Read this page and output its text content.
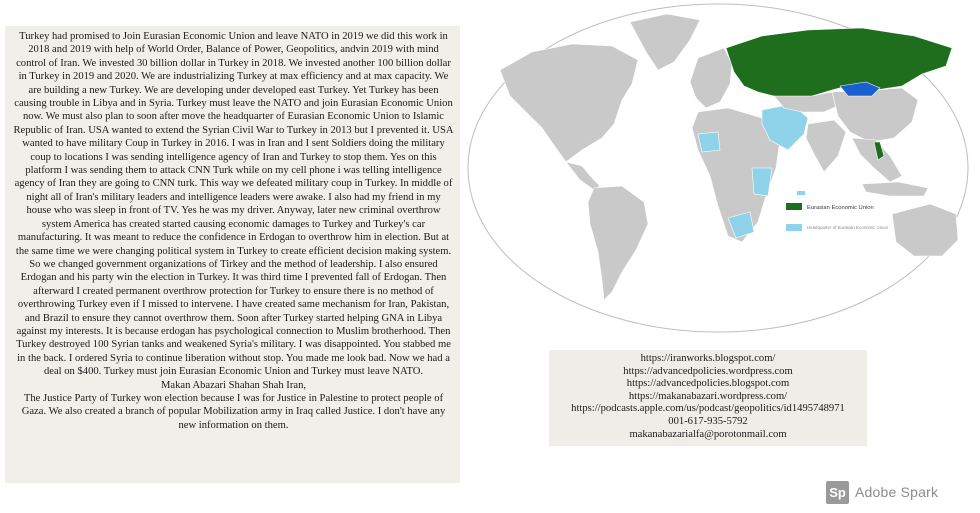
Turkey had promised to Join Eurasian Economic Union and leave NATO in 2019 we did this work in 2018 and 2019 with help of World Order, Balance of Power, Geopolitics, andvin 2019 with mind control of Iran. We invested 30 billion dollar in Turkey in 2018. We invested another 100 billion dollar in Turkey in 2019 and 2020. We are industrializing Turkey at max efficiency and at max capacity. We are building a new Turkey. We are developing under developed east Turkey. Yet Turkey has been causing trouble in Libya and in Syria. Turkey must leave the NATO and join Eurasian Economic Union now. We must also plan to soon after move the headquarter of Eurasian Economic Union to Islamic Republic of Iran. USA wanted to extend the Syrian Civil War to Turkey in 2013 but I prevented it. USA wanted to have military Coup in Turkey in 2016. I was in Iran and I sent Soldiers doing the military coup to locations I was sending intelligence agency of Iran and Turkey to stop them. Yes on this platform I was sending them to attack CNN Turk while on my cell phone i was telling intelligence agency of Iran they are going to CNN turk. This way we defeated military coup in Turkey. In middle of night all of Iran's military leaders and intelligence leaders were awake. I also had my friend in my house who was sleep in front of TV. Yes he was my driver. Anyway, later new criminal overthrow system America has created started causing economic damages to Turkey and Turkey's car manufacturing. It was meant to reduce the confidence in Erdogan to overthrow him in election. But at the same time we were changing political system in Turkey to create efficient decision making system. So we changed government organizations of Tirkey and the method of leadership. I also ensured Erdogan and his party win the election in Turkey. It was third time I prevented fall of Erdogan. Then afterward I created permanent overthrow protection for Turkey to ensure there is no method of overthrowing Turkey even if I missed to intervene. I have created same mechanism for Iran, Pakistan, and Brazil to ensure they cannot overthrow them. Soon after Turkey started helping GNA in Libya against my interests. It is because erdogan has psychological connection to Muslim brotherhood. Then Turkey destroyed 100 Syrian tanks and weakened Syria's military. I was disappointed. You stabbed me in the back. I ordered Syria to continue liberation without stop. You made me look bad. Now we had a deal on $400. Turkey must join Eurasian Economic Union and Turkey must leave NATO.
Makan Abazari Shahan Shah Iran,
The Justice Party of Turkey won election because I was for Justice in Palestine to protect people of Gaza. We also created a branch of popular Mobilization army in Iraq called Justice. I don't have any new information on them.
Eurasian Economic Union
Headquarter of Eurasian Economic Union
https://iranworks.blogspot.com/
https://advancedpolicies.wordpress.com
https://advancedpolicies.blogspot.com
https://makanabazari.wordpress.com/
https://podcasts.apple.com/us/podcast/geopolitics/id1495748971
001-617-935-5792
makanabazarialfa@porotonmail.com
Sp Adobe Spark
